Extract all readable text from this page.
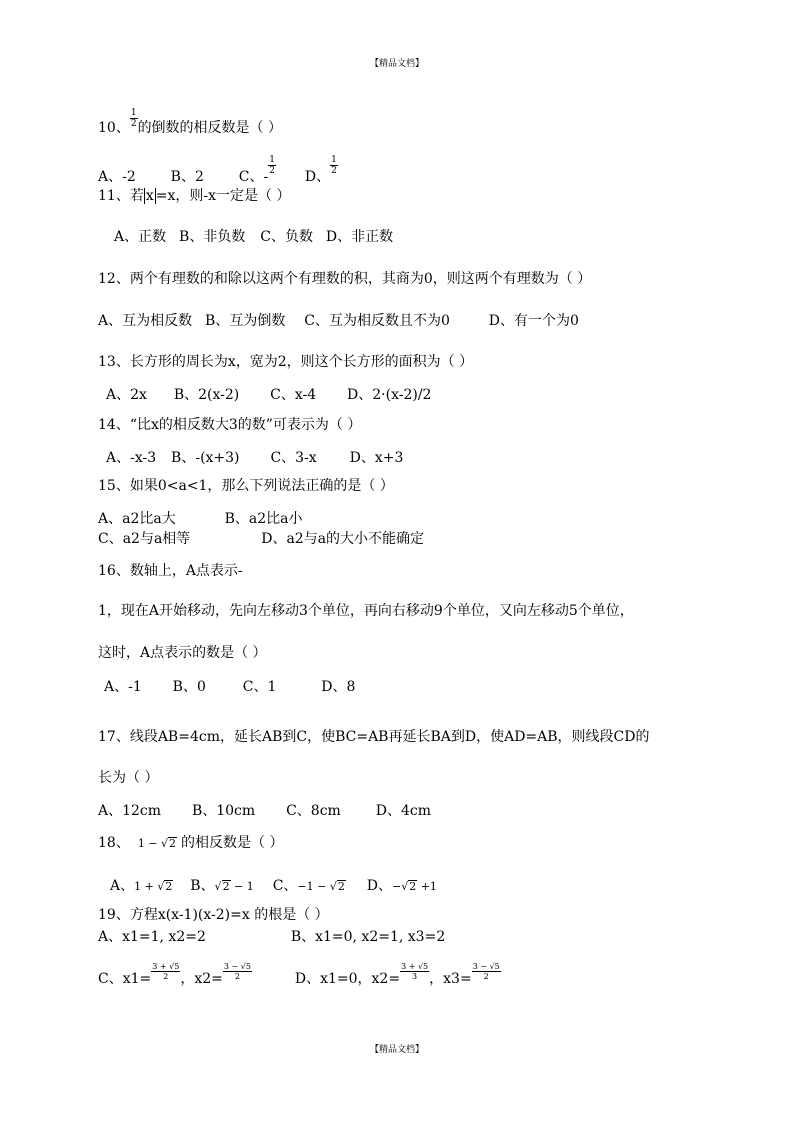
【精品文档】
10、 $\frac{1}{2}$ 的倒数的相反数是（ ）
A、-2 B、2 C、-
$\frac{1}{2}$
D、
$\frac{1}{2}$
11、若 x =x，则-x一定是（ ）
A、正数 B、非负数 C、负数 D、非正数
12、两个有理数的和除以这两个有理数的积，其商为0，则这两个有理数为（ ）
A、互为相反数 B、互为倒数 C、互为相反数且不为0	D、有一个为0
13、长方形的周长为x，宽为2，则这个长方形的面积为（ ）
A、2x B、2(x-2) C、x-4 D、2·(x-2)/2
14、“比x的相反数大3的数”可表示为（ ）
A、-x-3 B、-(x+3) C、3-x D、x+3
15、如果0<a<1，那么下列说法正确的是（ ）
A、a2比a大	B、a2比a小
C、a2与a相等	D、a2与a的大小不能确定
16、数轴上，A点表示-
1，现在A开始移动，先向左移动3个单位，再向右移动9个单位，又向左移动5个单位，
这时，A点表示的数是（ ）
A、-1 B、0	C、1	D、8
17、线段AB=4cm，延长AB到C，使BC=AB再延长BA到D，使AD=AB，则线段CD的
长为（ ）
A、12cm B、10cm C、8cm D、4cm
18、 1 − √2 的相反数是（ ）
A、1 + √2 B、√2 − 1 C、−1 − √2 D、−√2 +1
19、方程x(x-1)(x-2)=x 的根是（ ）
A、x1=1, x2=2	B、x1=0, x2=1, x3=2
C、$x1= \frac{3 + √5}{2}$ ，$x2= \frac{3 - √5}{2}$	D、x1=0，$x2= \frac{3 + √5}{3}$ ，$x3= \frac{3 - √5}{2}$
【精品文档】
